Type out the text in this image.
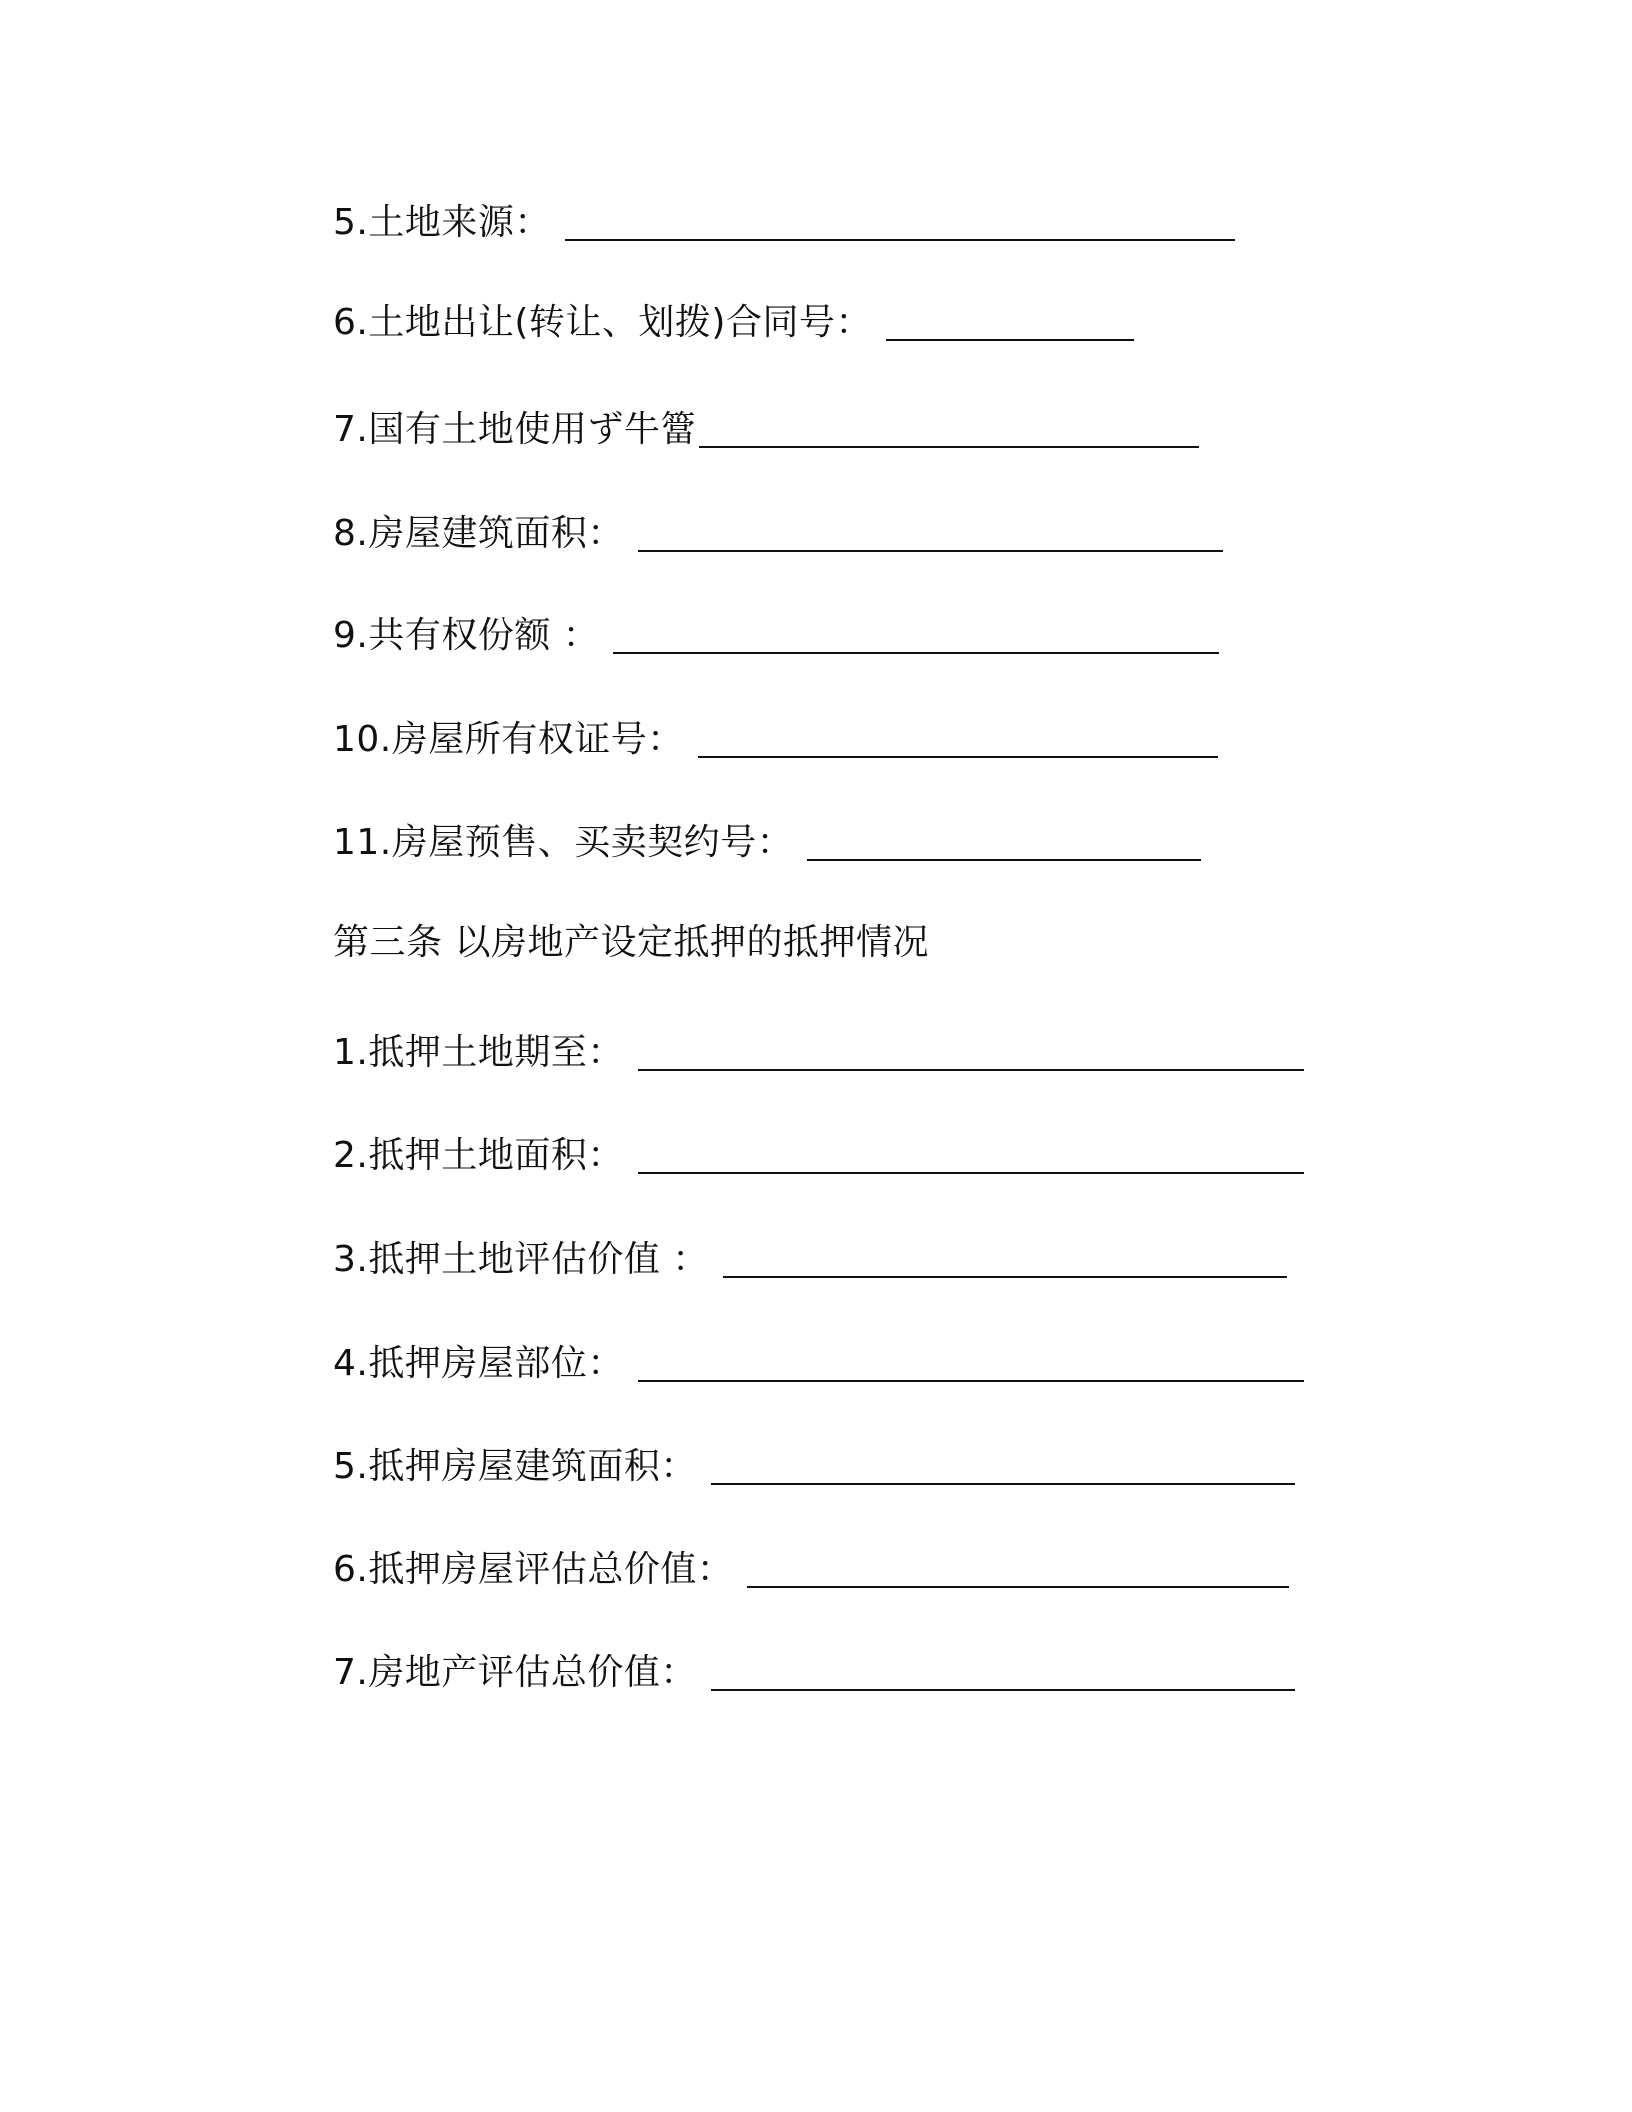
5.土地来源：
6.土地出让(转让、划拨)合同号：
7.国有土地使用ず牛簹
8.房屋建筑面积：
9.共有权份额 ：
10.房屋所有权证号：
11.房屋预售、买卖契约号：
第三条 以房地产设定抵押的抵押情况
1.抵押土地期至：
2.抵押土地面积：
3.抵押土地评估价值 ：
4.抵押房屋部位：
5.抵押房屋建筑面积：
6.抵押房屋评估总价值：
7.房地产评估总价值：
